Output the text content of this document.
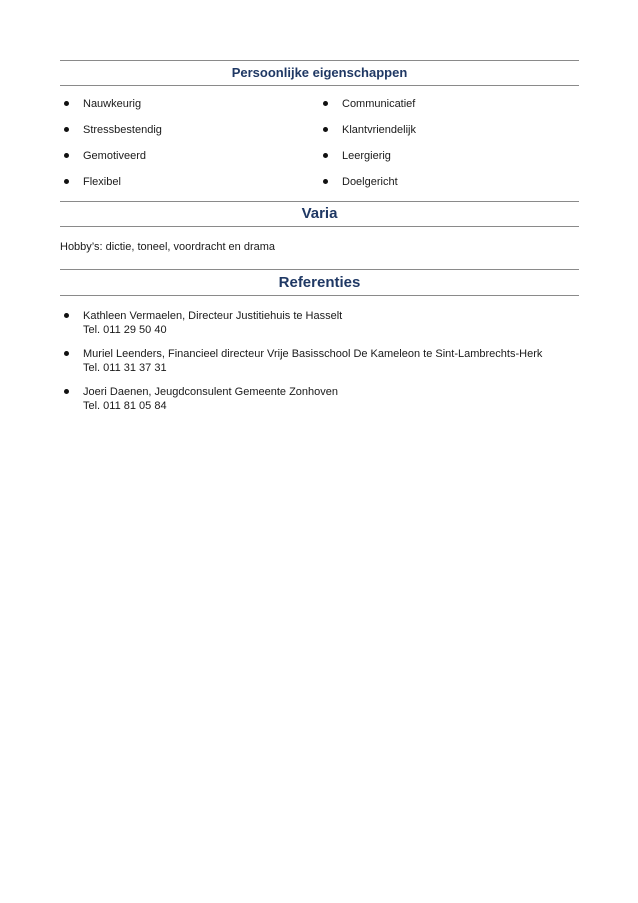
Persoonlijke eigenschappen
Nauwkeurig
Stressbestendig
Gemotiveerd
Flexibel
Communicatief
Klantvriendelijk
Leergierig
Doelgericht
Varia
Hobby’s: dictie, toneel, voordracht en drama
Referenties
Kathleen Vermaelen, Directeur Justitiehuis te Hasselt
Tel. 011 29 50 40
Muriel Leenders, Financieel directeur Vrije Basisschool De Kameleon te Sint-Lambrechts-Herk
Tel. 011 31 37 31
Joeri Daenen, Jeugdconsulent Gemeente Zonhoven
Tel. 011 81 05 84
